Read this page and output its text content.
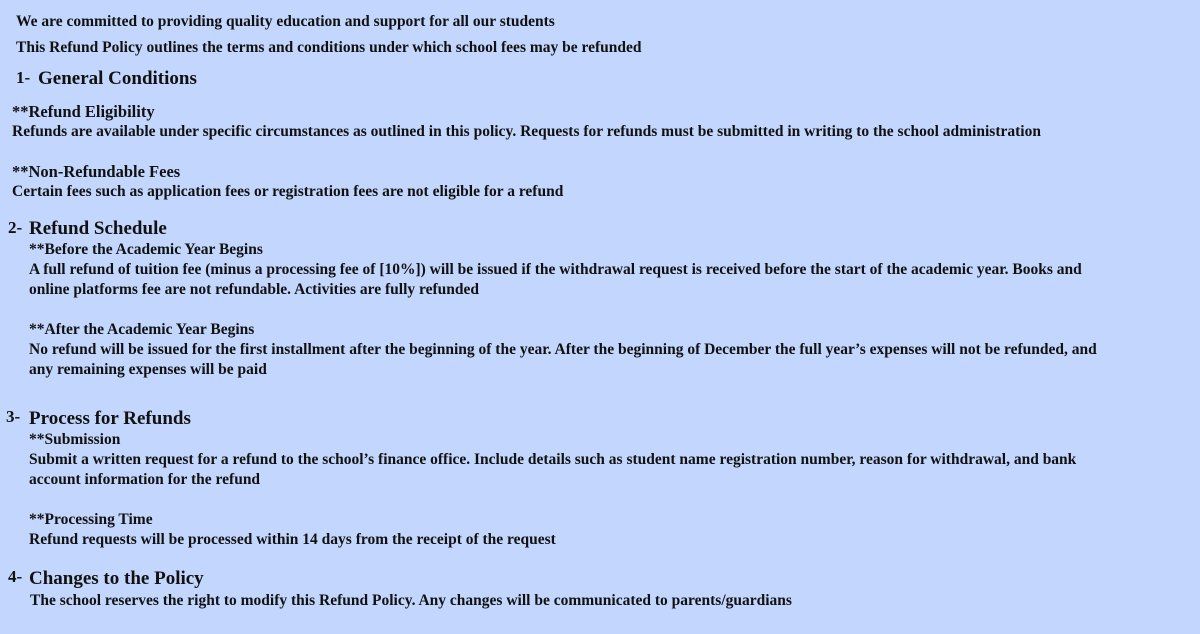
We are committed to providing quality education and support for all our students
This Refund Policy outlines the terms and conditions under which school fees may be refunded
1- General Conditions
**Refund Eligibility
Refunds are available under specific circumstances as outlined in this policy. Requests for refunds must be submitted in writing to the school administration
**Non-Refundable Fees
Certain fees such as application fees or registration fees are not eligible for a refund
2- Refund Schedule
**Before the Academic Year Begins
A full refund of tuition fee (minus a processing fee of [10%]) will be issued if the withdrawal request is received before the start of the academic year. Books and
online platforms fee are not refundable. Activities are fully refunded
**After the Academic Year Begins
No refund will be issued for the first installment after the beginning of the year. After the beginning of December the full year’s expenses will not be refunded, and
any remaining expenses will be paid
3- Process for Refunds
**Submission
Submit a written request for a refund to the school’s finance office. Include details such as student name registration number, reason for withdrawal, and bank
account information for the refund
**Processing Time
Refund requests will be processed within 14 days from the receipt of the request
4- Changes to the Policy
The school reserves the right to modify this Refund Policy. Any changes will be communicated to parents/guardians
